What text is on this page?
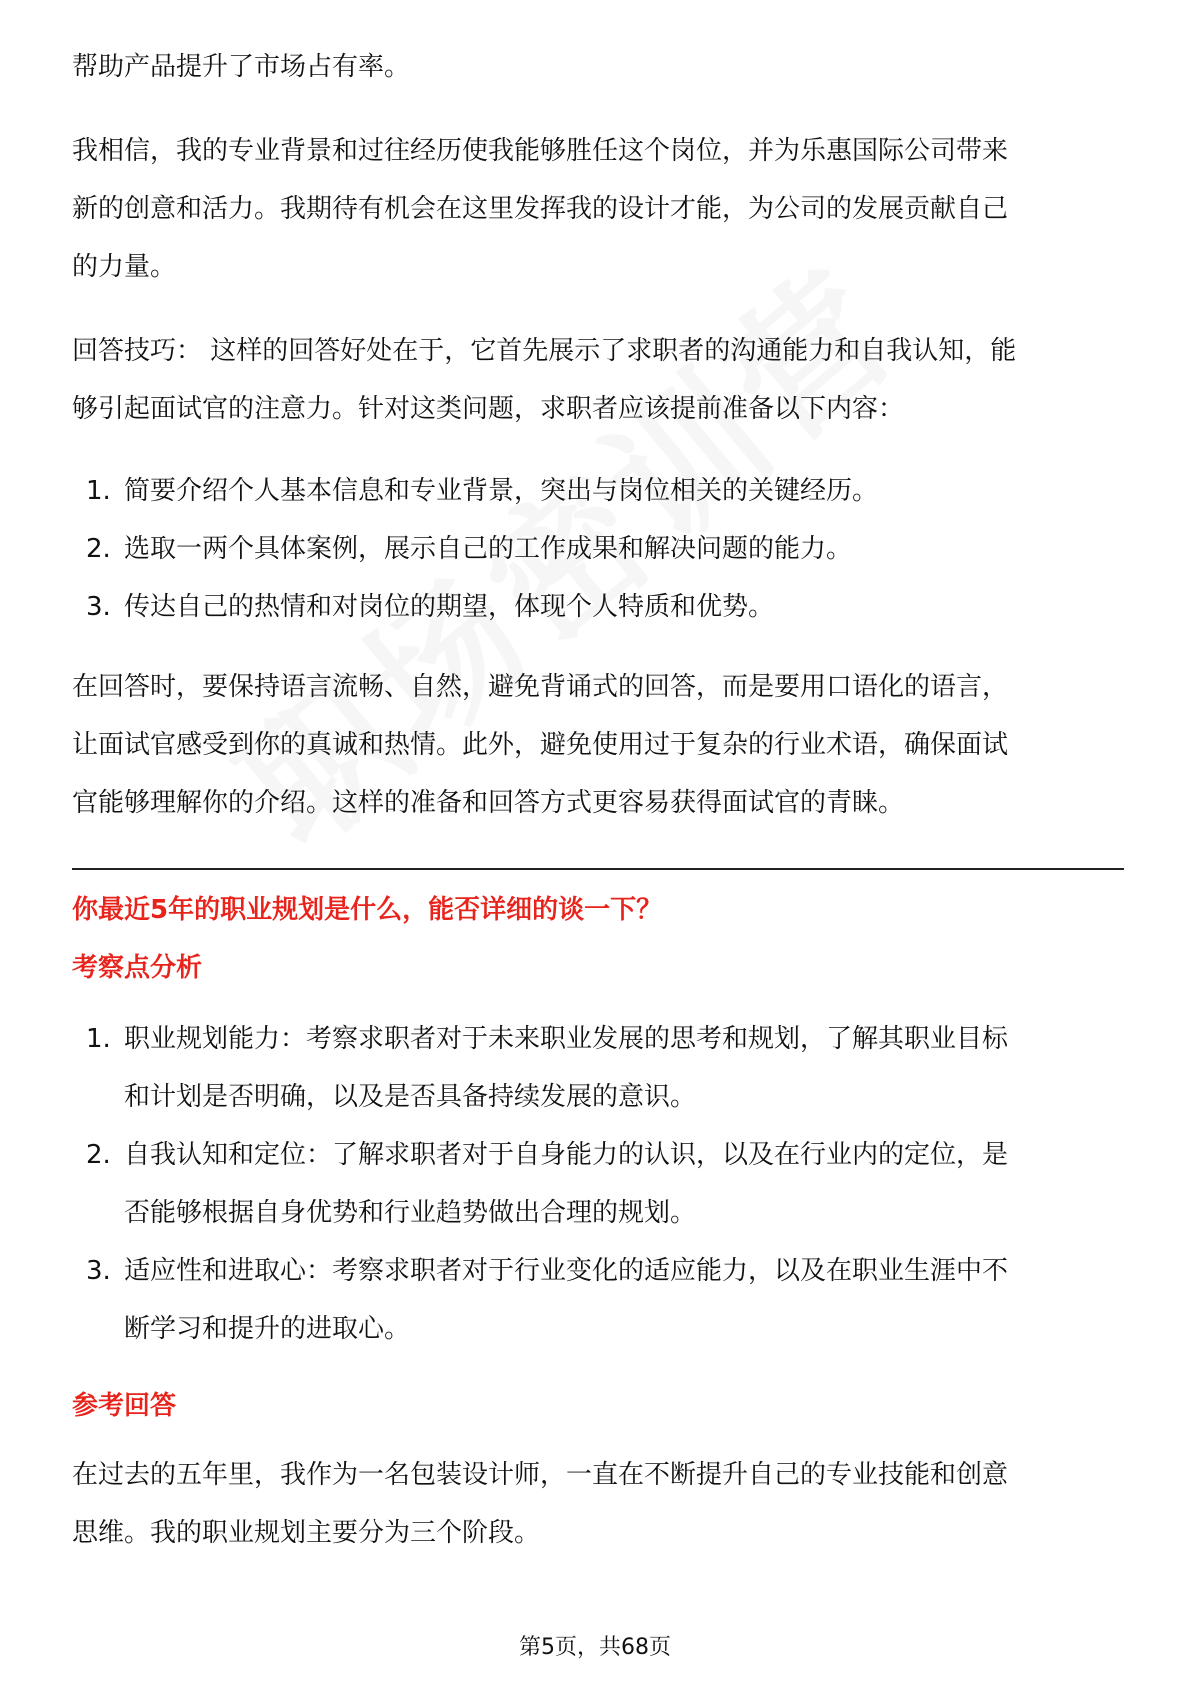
帮助产品提升了市场占有率。

我相信，我的专业背景和过往经历使我能够胜任这个岗位，并为乐惠国际公司带来
新的创意和活力。我期待有机会在这里发挥我的设计才能，为公司的发展贡献自己
的力量。

回答技巧： 这样的回答好处在于，它首先展示了求职者的沟通能力和自我认知，能
够引起面试官的注意力。针对这类问题，求职者应该提前准备以下内容：

1. 简要介绍个人基本信息和专业背景，突出与岗位相关的关键经历。
2. 选取一两个具体案例，展示自己的工作成果和解决问题的能力。
3. 传达自己的热情和对岗位的期望，体现个人特质和优势。

在回答时，要保持语言流畅、自然，避免背诵式的回答，而是要用口语化的语言，
让面试官感受到你的真诚和热情。此外，避免使用过于复杂的行业术语，确保面试
官能够理解你的介绍。这样的准备和回答方式更容易获得面试官的青睐。

你最近5年的职业规划是什么，能否详细的谈一下？
考察点分析
1. 职业规划能力：考察求职者对于未来职业发展的思考和规划，了解其职业目标
和计划是否明确，以及是否具备持续发展的意识。
2. 自我认知和定位：了解求职者对于自身能力的认识，以及在行业内的定位，是
否能够根据自身优势和行业趋势做出合理的规划。
3. 适应性和进取心：考察求职者对于行业变化的适应能力，以及在职业生涯中不
断学习和提升的进取心。
参考回答

在过去的五年里，我作为一名包装设计师，一直在不断提升自己的专业技能和创意
思维。我的职业规划主要分为三个阶段。

第5页，共68页
